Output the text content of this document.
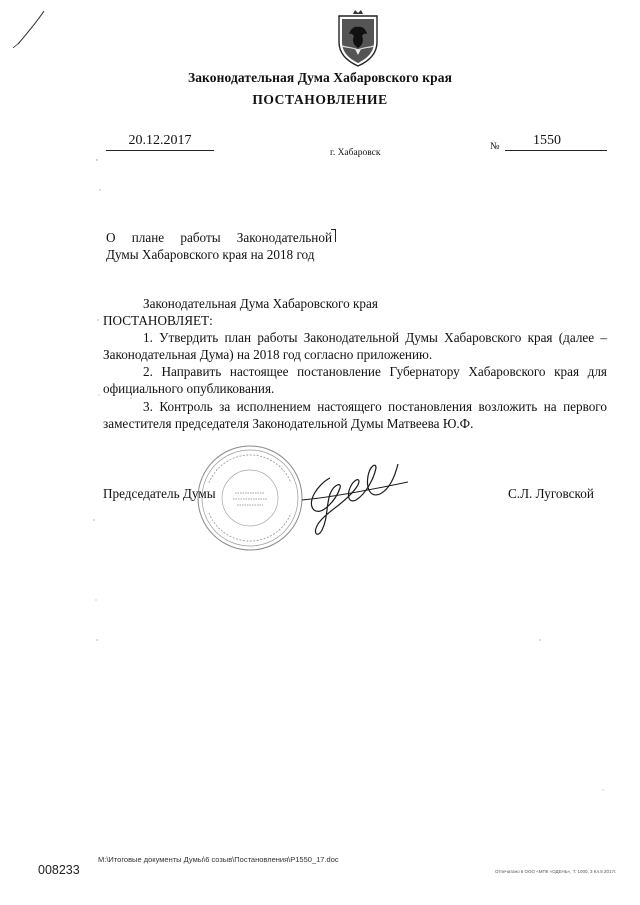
Законодательная Дума Хабаровского края
ПОСТАНОВЛЕНИЕ
20.12.2017
г. Хабаровск
№	1550
О плане работы Законодательной
Думы Хабаровского края на 2018 год

Законодательная Дума Хабаровского края

ПОСТАНОВЛЯЕТ:

1. Утвердить план работы Законодательной Думы Хабаровского края (далее – Законодательная Дума) на 2018 год согласно приложению.

2. Направить настоящее постановление Губернатору Хабаровского края для официального опубликования.

3. Контроль за исполнением настоящего постановления возложить на первого заместителя председателя Законодательной Думы Матвеева Ю.Ф.

Председатель Думы	С.Л. Луговской
008233
M:\Итоговые документы Думы\6 созыв\Постановления\P1550_17.doc
Отпечатано в ООО «МПК «ОДЕНЬ», Т. 1000, 3 Кл.5 2017г.
